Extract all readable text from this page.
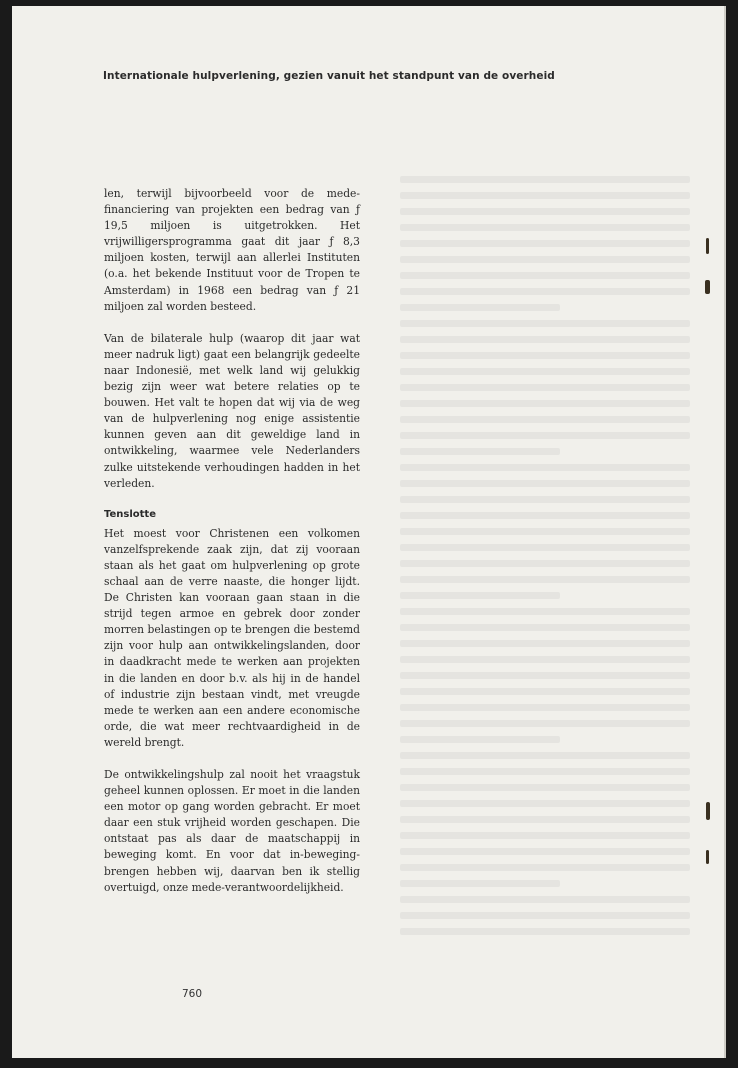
Internationale hulpverlening, gezien vanuit het standpunt van de overheid

len, terwijl bijvoorbeeld voor de mede-financiering van projekten een bedrag van ƒ 19,5 miljoen is uitgetrokken. Het vrijwilligersprogramma gaat dit jaar ƒ 8,3 miljoen kosten, terwijl aan allerlei Instituten (o.a. het bekende Instituut voor de Tropen te Amsterdam) in 1968 een bedrag van ƒ 21 miljoen zal worden besteed.

Van de bilaterale hulp (waarop dit jaar wat meer nadruk ligt) gaat een belangrijk gedeelte naar Indonesië, met welk land wij gelukkig bezig zijn weer wat betere relaties op te bouwen. Het valt te hopen dat wij via de weg van de hulpverlening nog enige assistentie kunnen geven aan dit geweldige land in ontwikkeling, waarmee vele Nederlanders zulke uitstekende verhoudingen hadden in het verleden.

Tenslotte

Het moest voor Christenen een volkomen vanzelfsprekende zaak zijn, dat zij vooraan staan als het gaat om hulpverlening op grote schaal aan de verre naaste, die honger lijdt. De Christen kan vooraan gaan staan in die strijd tegen armoe en gebrek door zonder morren belastingen op te brengen die bestemd zijn voor hulp aan ontwikkelingslanden, door in daadkracht mede te werken aan projekten in die landen en door b.v. als hij in de handel of industrie zijn bestaan vindt, met vreugde mede te werken aan een andere economische orde, die wat meer rechtvaardigheid in de wereld brengt.

De ontwikkelingshulp zal nooit het vraagstuk geheel kunnen oplossen. Er moet in die landen een motor op gang worden gebracht. Er moet daar een stuk vrijheid worden geschapen. Die ontstaat pas als daar de maatschappij in beweging komt. En voor dat in-beweging-brengen hebben wij, daarvan ben ik stellig overtuigd, onze mede-verantwoordelijkheid.

760
